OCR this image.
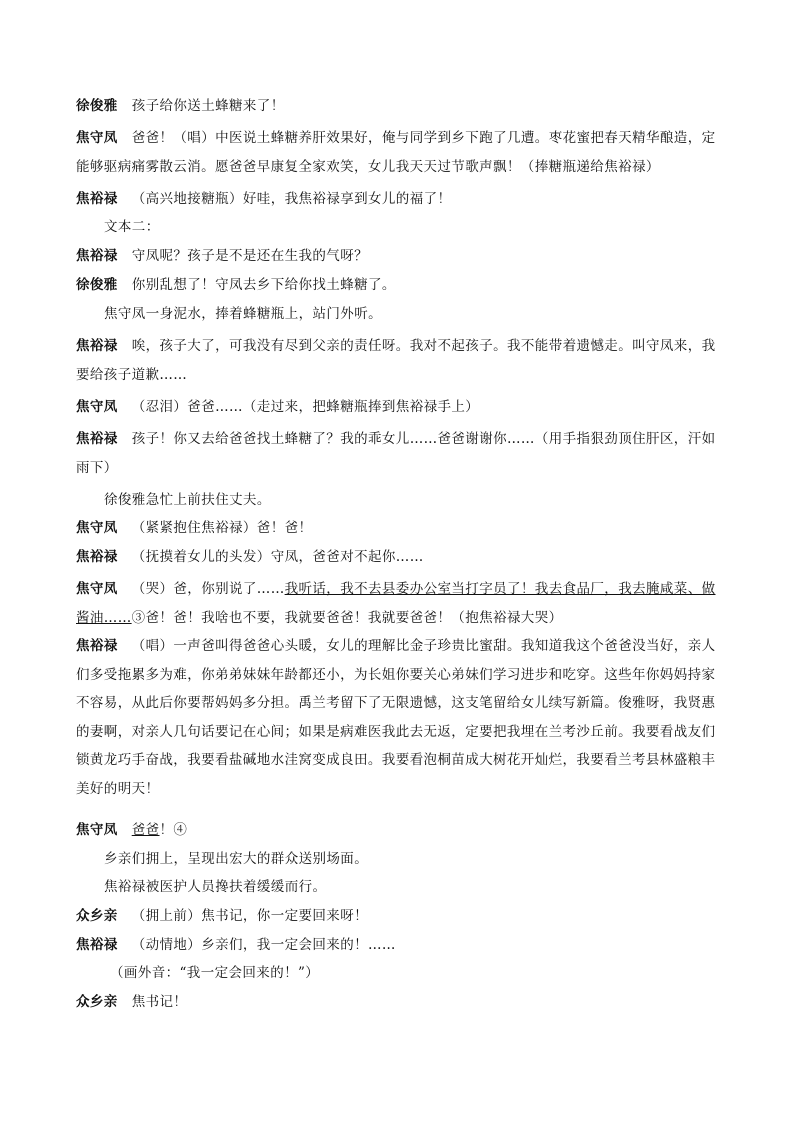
徐俊雅 孩子给你送土蜂糖来了！
焦守凤 爸爸！（唱）中医说土蜂糖养肝效果好，俺与同学到乡下跑了几遭。枣花蜜把春天精华酿造，定能够驱病痛雾散云消。愿爸爸早康复全家欢笑，女儿我天天过节歌声飘！（捧糖瓶递给焦裕禄）
焦裕禄 （高兴地接糖瓶）好哇，我焦裕禄享到女儿的福了！
文本二：
焦裕禄 守凤呢？孩子是不是还在生我的气呀？
徐俊雅 你别乱想了！守凤去乡下给你找土蜂糖了。
焦守凤一身泥水，捧着蜂糖瓶上，站门外听。
焦裕禄 唉，孩子大了，可我没有尽到父亲的责任呀。我对不起孩子。我不能带着遗憾走。叫守凤来，我要给孩子道歉……
焦守凤 （忍泪）爸爸……（走过来，把蜂糖瓶捧到焦裕禄手上）
焦裕禄 孩子！你又去给爸爸找土蜂糖了？我的乖女儿……爸爸谢谢你……（用手指狠劲顶住肝区，汗如雨下）
徐俊雅急忙上前扶住丈夫。
焦守凤 （紧紧抱住焦裕禄）爸！爸！
焦裕禄 （抚摸着女儿的头发）守凤，爸爸对不起你……
焦守凤 （哭）爸，你别说了……我听话，我不去县委办公室当打字员了！我去食品厂，我去腌咸菜、做酱油……③爸！爸！我啥也不要，我就要爸爸！我就要爸爸！（抱焦裕禄大哭）
焦裕禄 （唱）一声爸叫得爸爸心头暖，女儿的理解比金子珍贵比蜜甜。我知道我这个爸爸没当好，亲人们多受拖累多为难，你弟弟妹妹年龄都还小，为长姐你要关心弟妹们学习进步和吃穿。这些年你妈妈持家不容易，从此后你要帮妈妈多分担。禹兰考留下了无限遗憾，这支笔留给女儿续写新篇。俊雅呀，我贤惠的妻啊，对亲人几句话要记在心间；如果是病难医我此去无返，定要把我埋在兰考沙丘前。我要看战友们锁黄龙巧手奋战，我要看盐碱地水洼窝变成良田。我要看泡桐苗成大树花开灿烂，我要看兰考县林盛粮丰美好的明天！
焦守凤 爸爸！④
乡亲们拥上，呈现出宏大的群众送别场面。
焦裕禄被医护人员搀扶着缓缓而行。
众乡亲 （拥上前）焦书记，你一定要回来呀！
焦裕禄 （动情地）乡亲们，我一定会回来的！……
（画外音：“我一定会回来的！”）
众乡亲 焦书记！
